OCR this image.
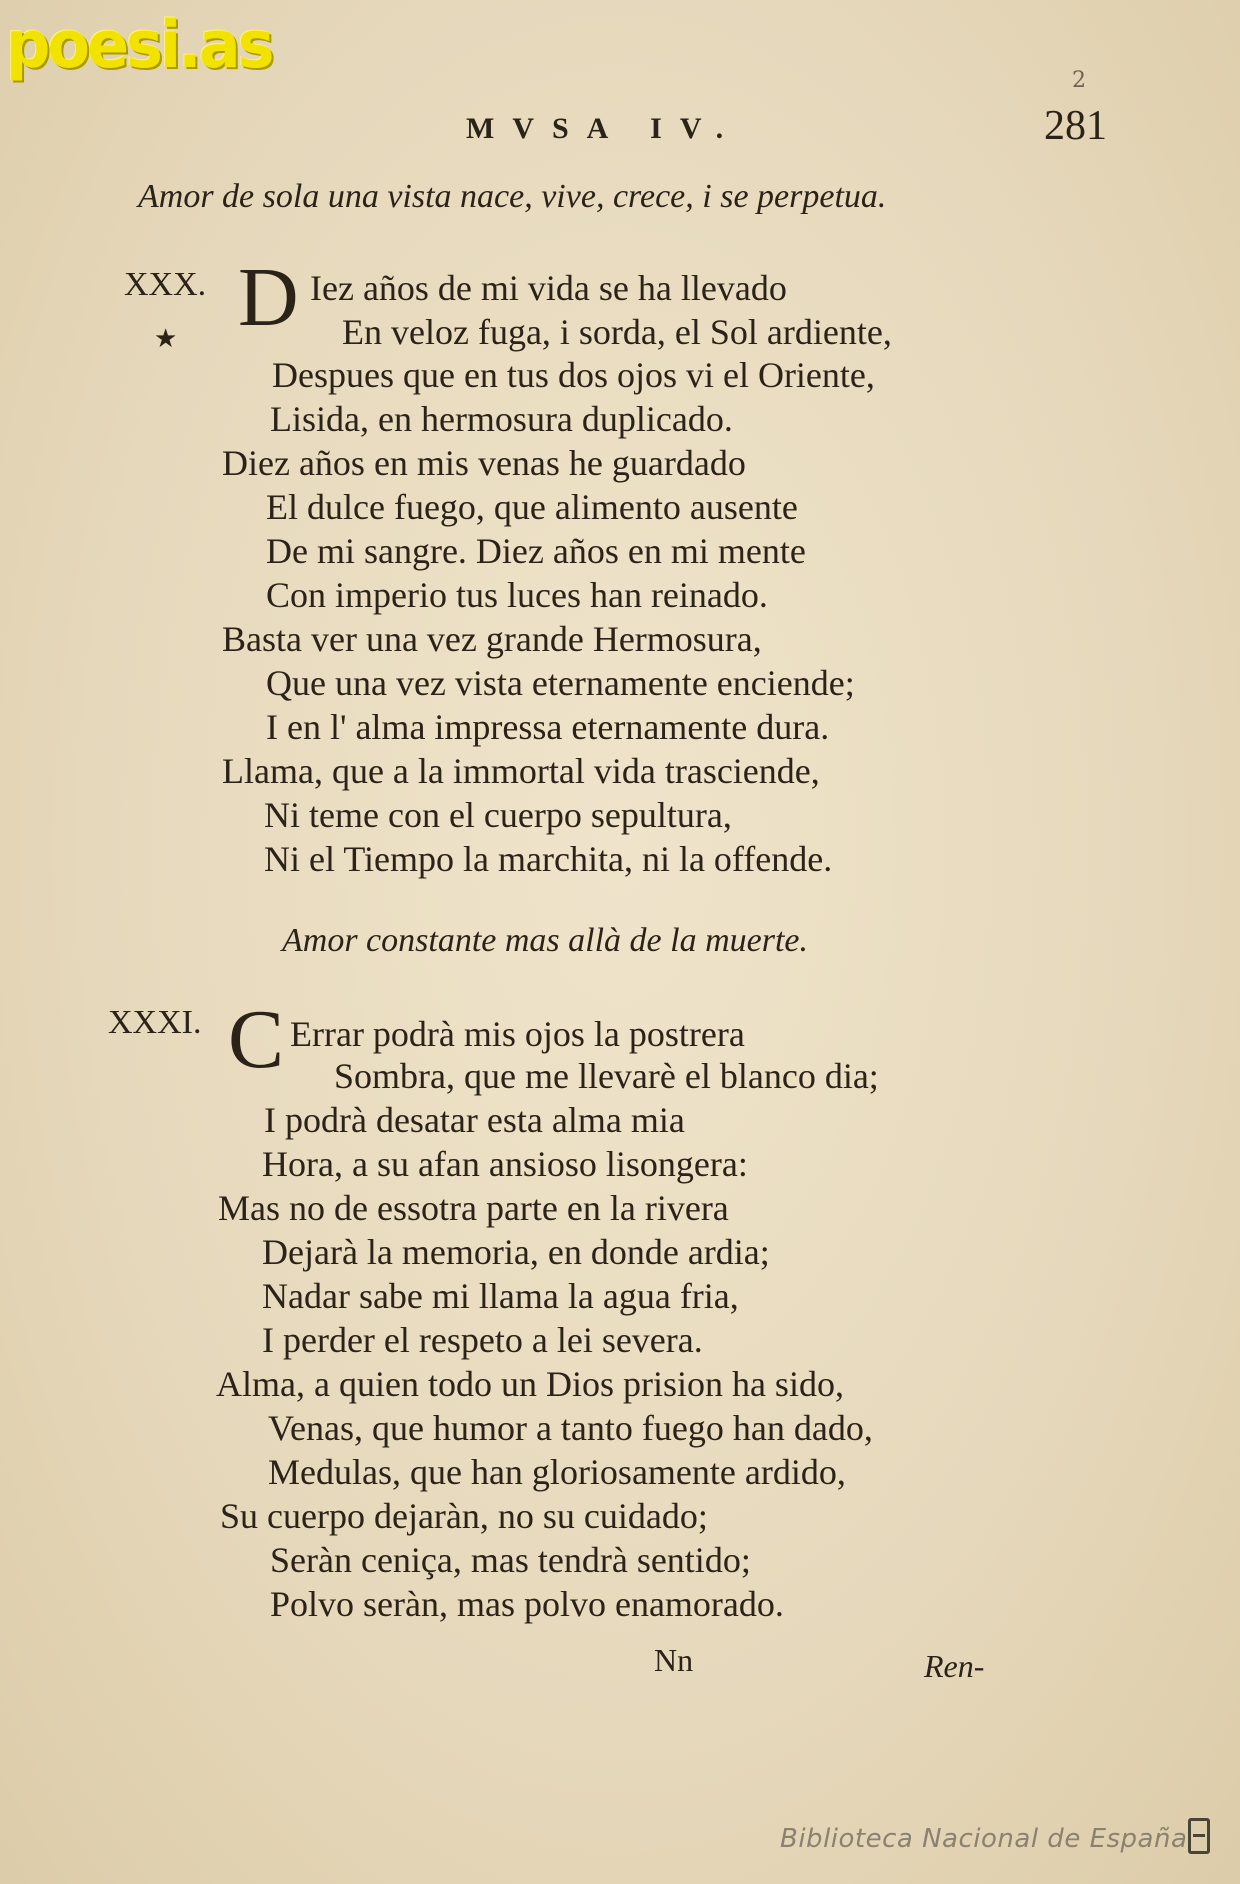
poesi.as	2
MVSA IV.	281
Amor de sola una vista nace, vive, crece, i se perpetua.
XXX.
★ D Iez años de mi vida se ha llevado
En veloz fuga, i sorda, el Sol ardiente,
Despues que en tus dos ojos vi el Oriente,
Lisida, en hermosura duplicado.
Diez años en mis venas he guardado
El dulce fuego, que alimento ausente
De mi sangre. Diez años en mi mente
Con imperio tus luces han reinado.
Basta ver una vez grande Hermosura,
Que una vez vista eternamente enciende;
I en l' alma impressa eternamente dura.
Llama, que a la immortal vida trasciende,
Ni teme con el cuerpo sepultura,
Ni el Tiempo la marchita, ni la offende.
Amor constante mas allà de la muerte.
XXXI. C Errar podrà mis ojos la postrera
Sombra, que me llevarè el blanco dia;
I podrà desatar esta alma mia
Hora, a su afan ansioso lisongera:
Mas no de essotra parte en la rivera
Dejarà la memoria, en donde ardia;
Nadar sabe mi llama la agua fria,
I perder el respeto a lei severa.
Alma, a quien todo un Dios prision ha sido,
Venas, que humor a tanto fuego han dado,
Medulas, que han gloriosamente ardido,
Su cuerpo dejaràn, no su cuidado;
Seràn ceniça, mas tendrà sentido;
Polvo seràn, mas polvo enamorado.
Nn	Ren-
Biblioteca Nacional de España
